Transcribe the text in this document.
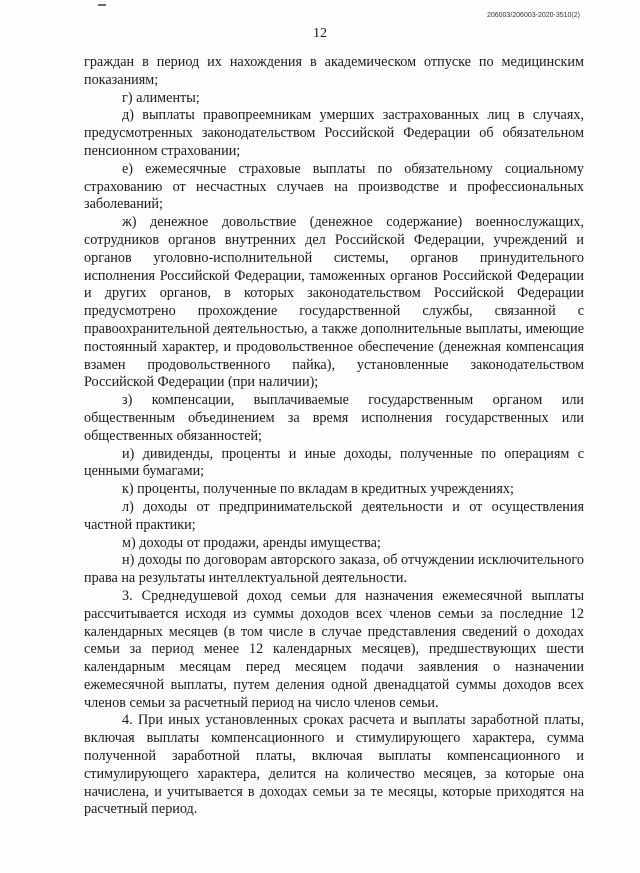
206003/206003-2020-3510(2)
12

граждан в период их нахождения в академическом отпуске по медицинским показаниям;

г) алименты;

д) выплаты правопреемникам умерших застрахованных лиц в случаях, предусмотренных законодательством Российской Федерации об обязательном пенсионном страховании;

е) ежемесячные страховые выплаты по обязательному социальному страхованию от несчастных случаев на производстве и профессиональных заболеваний;

ж) денежное довольствие (денежное содержание) военнослужащих, сотрудников органов внутренних дел Российской Федерации, учреждений и органов уголовно-исполнительной системы, органов принудительного исполнения Российской Федерации, таможенных органов Российской Федерации и других органов, в которых законодательством Российской Федерации предусмотрено прохождение государственной службы, связанной с правоохранительной деятельностью, а также дополнительные выплаты, имеющие постоянный характер, и продовольственное обеспечение (денежная компенсация взамен продовольственного пайка), установленные законодательством Российской Федерации (при наличии);

з) компенсации, выплачиваемые государственным органом или общественным объединением за время исполнения государственных или общественных обязанностей;

и) дивиденды, проценты и иные доходы, полученные по операциям с ценными бумагами;

к) проценты, полученные по вкладам в кредитных учреждениях;

л) доходы от предпринимательской деятельности и от осуществления частной практики;

м) доходы от продажи, аренды имущества;

н) доходы по договорам авторского заказа, об отчуждении исключительного права на результаты интеллектуальной деятельности.

3. Среднедушевой доход семьи для назначения ежемесячной выплаты рассчитывается исходя из суммы доходов всех членов семьи за последние 12 календарных месяцев (в том числе в случае представления сведений о доходах семьи за период менее 12 календарных месяцев), предшествующих шести календарным месяцам перед месяцем подачи заявления о назначении ежемесячной выплаты, путем деления одной двенадцатой суммы доходов всех членов семьи за расчетный период на число членов семьи.

4. При иных установленных сроках расчета и выплаты заработной платы, включая выплаты компенсационного и стимулирующего характера, сумма полученной заработной платы, включая выплаты компенсационного и стимулирующего характера, делится на количество месяцев, за которые она начислена, и учитывается в доходах семьи за те месяцы, которые приходятся на расчетный период.
